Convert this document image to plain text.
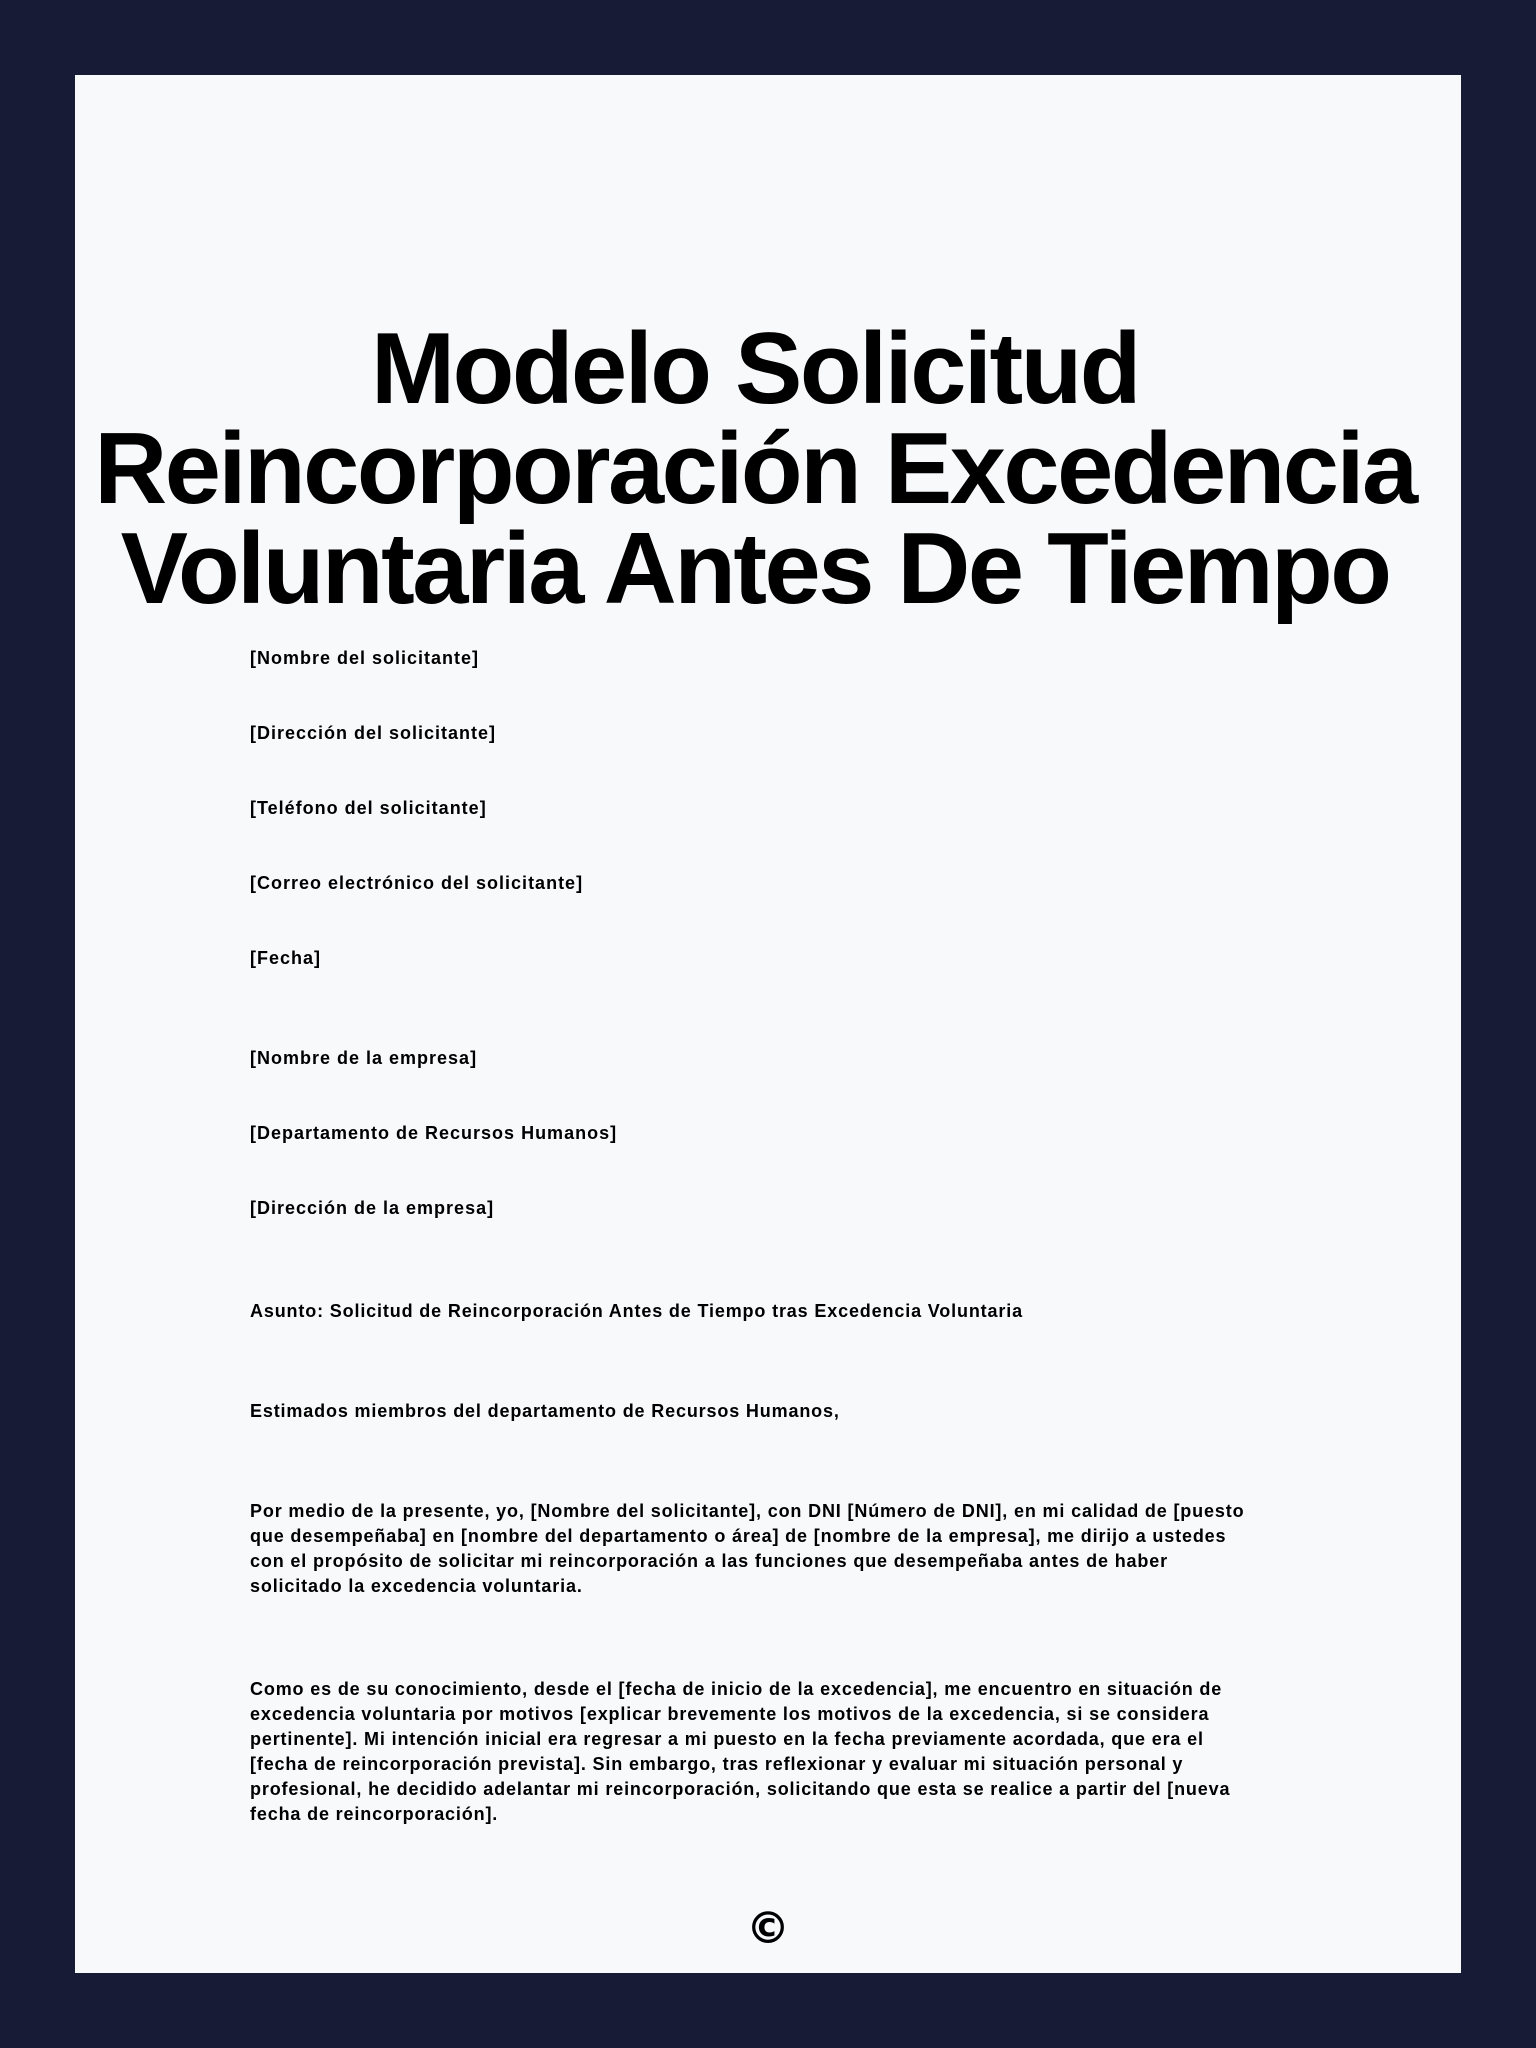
Modelo Solicitud
Reincorporación Excedencia
Voluntaria Antes De Tiempo

[Nombre del solicitante]

[Dirección del solicitante]

[Teléfono del solicitante]

[Correo electrónico del solicitante]

[Fecha]

[Nombre de la empresa]

[Departamento de Recursos Humanos]

[Dirección de la empresa]

Asunto: Solicitud de Reincorporación Antes de Tiempo tras Excedencia Voluntaria

Estimados miembros del departamento de Recursos Humanos,

Por medio de la presente, yo, [Nombre del solicitante], con DNI [Número de DNI], en mi calidad de [puesto
que desempeñaba] en [nombre del departamento o área] de [nombre de la empresa], me dirijo a ustedes
con el propósito de solicitar mi reincorporación a las funciones que desempeñaba antes de haber
solicitado la excedencia voluntaria.

Como es de su conocimiento, desde el [fecha de inicio de la excedencia], me encuentro en situación de
excedencia voluntaria por motivos [explicar brevemente los motivos de la excedencia, si se considera
pertinente]. Mi intención inicial era regresar a mi puesto en la fecha previamente acordada, que era el
[fecha de reincorporación prevista]. Sin embargo, tras reflexionar y evaluar mi situación personal y
profesional, he decidido adelantar mi reincorporación, solicitando que esta se realice a partir del [nueva
fecha de reincorporación].

©
